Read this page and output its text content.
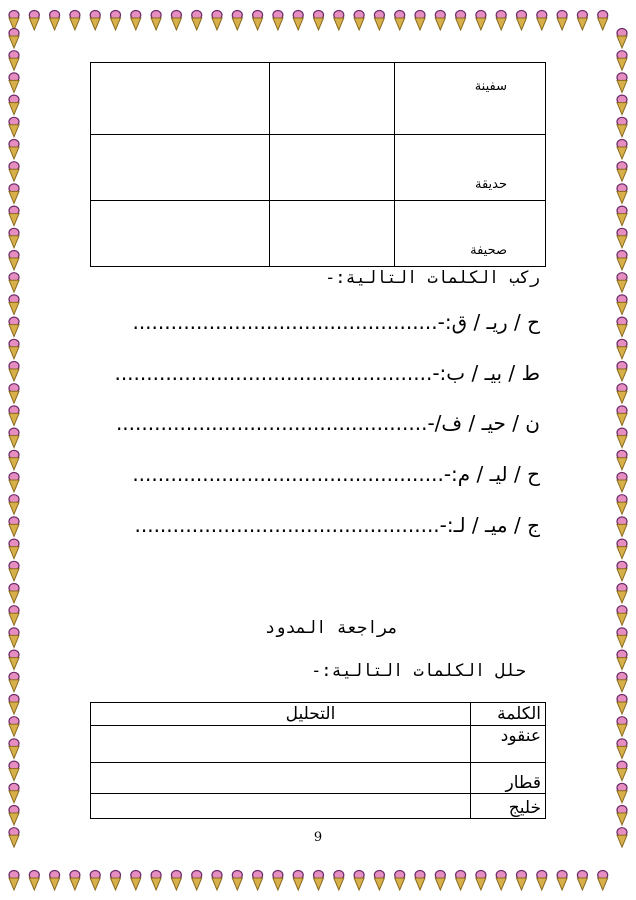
		سفينة
		حديقة
		صحيفة
ركب الكلمات التالية:-
ح / ريـ / ق:-................................................
ط / بيـ / ب:-..................................................
ن / حيـ / ف/-.................................................
ح / ليـ / م:-.................................................
ج / ميـ / لـ:-................................................
مراجعة المدود
حلل الكلمات التالية:-
التحليل	الكلمة
	عنقود
	قطار
	خليج
9
